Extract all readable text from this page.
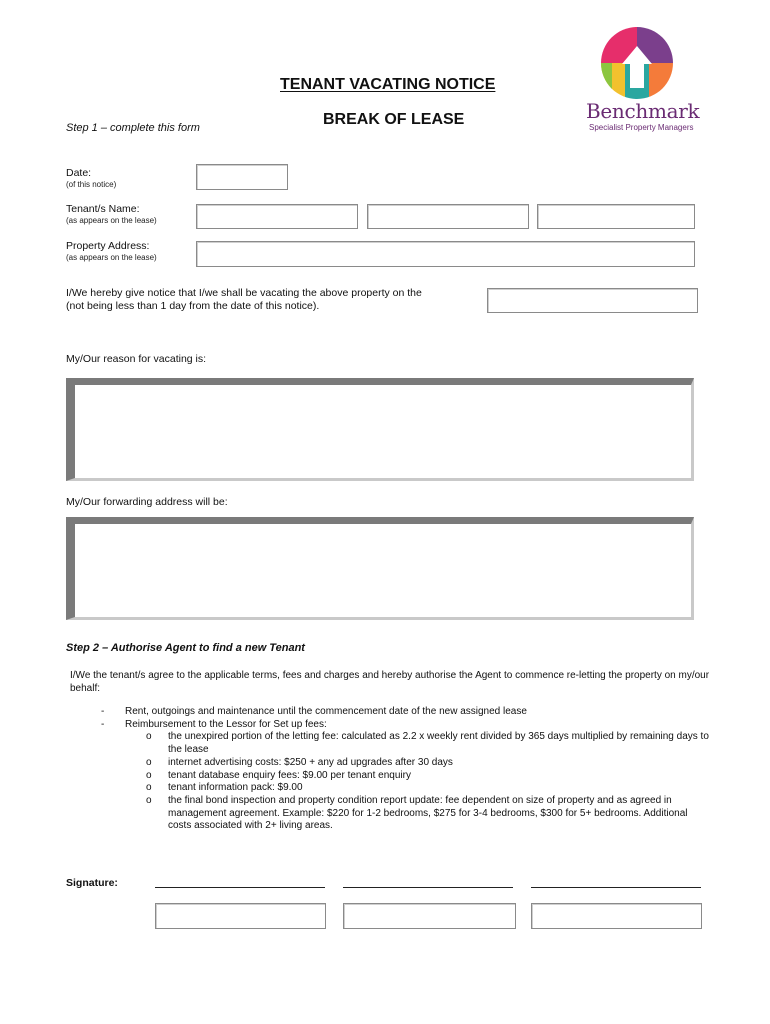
Benchmark
Specialist Property Managers
TENANT VACATING NOTICE
BREAK OF LEASE
Step 1 – complete this form
Date:
(of this notice)
Tenant/s Name:
(as appears on the lease)
Property Address:
(as appears on the lease)
I/We hereby give notice that I/we shall be vacating the above property on the
(not being less than 1 day from the date of this notice).
My/Our reason for vacating is:
My/Our forwarding address will be:
Step 2 – Authorise Agent to find a new Tenant
I/We the tenant/s agree to the applicable terms, fees and charges and hereby authorise the Agent to commence re-letting the property on my/our behalf:
- Rent, outgoings and maintenance until the commencement date of the new assigned lease
- Reimbursement to the Lessor for Set up fees:
o the unexpired portion of the letting fee: calculated as 2.2 x weekly rent divided by 365 days multiplied by remaining days to the lease
o internet advertising costs: $250 + any ad upgrades after 30 days
o tenant database enquiry fees: $9.00 per tenant enquiry
o tenant information pack: $9.00
o the final bond inspection and property condition report update: fee dependent on size of property and as agreed in management agreement. Example: $220 for 1-2 bedrooms, $275 for 3-4 bedrooms, $300 for 5+ bedrooms. Additional costs associated with 2+ living areas.
Signature:
